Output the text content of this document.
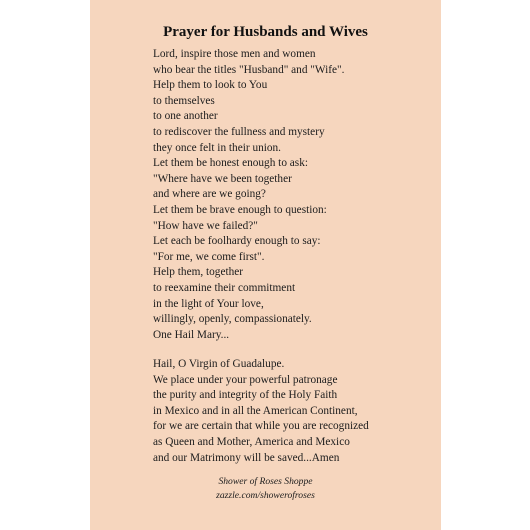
Prayer for Husbands and Wives
Lord, inspire those men and women
who bear the titles "Husband" and "Wife".
Help them to look to You
to themselves
to one another
to rediscover the fullness and mystery
they once felt in their union.
Let them be honest enough to ask:
"Where have we been together
and where are we going?
Let them be brave enough to question:
"How have we failed?"
Let each be foolhardy enough to say:
"For me, we come first".
Help them, together
to reexamine their commitment
in the light of Your love,
willingly, openly, compassionately.
One Hail Mary...
Hail, O Virgin of Guadalupe.
We place under your powerful patronage
the purity and integrity of the Holy Faith
in Mexico and in all the American Continent,
for we are certain that while you are recognized
as Queen and Mother, America and Mexico
and our Matrimony will be saved...Amen
Shower of Roses Shoppe
zazzle.com/showerofroses
